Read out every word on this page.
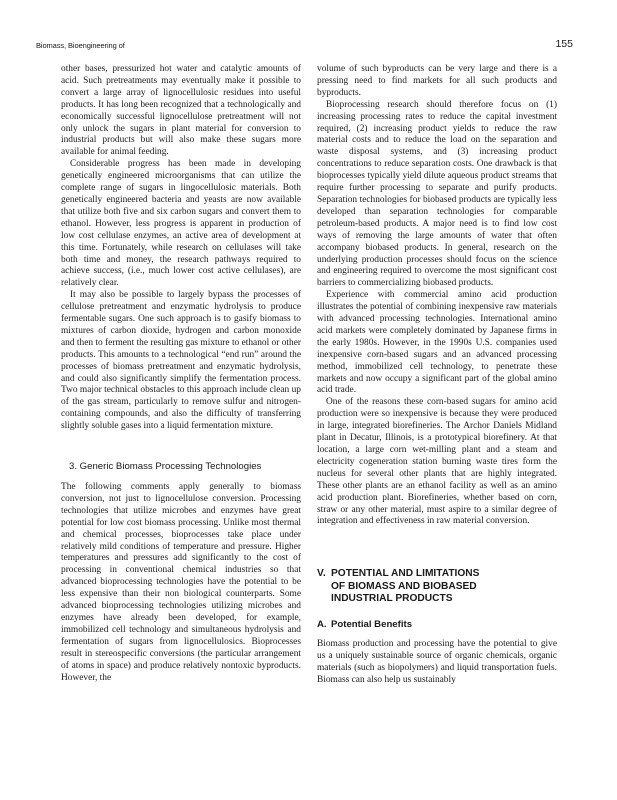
Biomass, Bioengineering of	155

other bases, pressurized hot water and catalytic amounts of acid. Such pretreatments may eventually make it possible to convert a large array of lignocellulosic residues into useful products. It has long been recognized that a technologically and economically successful lignocellulose pretreatment will not only unlock the sugars in plant material for conversion to industrial products but will also make these sugars more available for animal feeding.

Considerable progress has been made in developing genetically engineered microorganisms that can utilize the complete range of sugars in lingocellulosic materials. Both genetically engineered bacteria and yeasts are now available that utilize both five and six carbon sugars and convert them to ethanol. However, less progress is apparent in production of low cost cellulase enzymes, an active area of development at this time. Fortunately, while research on cellulases will take both time and money, the research pathways required to achieve success, (i.e., much lower cost active cellulases), are relatively clear.

It may also be possible to largely bypass the processes of cellulose pretreatment and enzymatic hydrolysis to produce fermentable sugars. One such approach is to gasify biomass to mixtures of carbon dioxide, hydrogen and carbon monoxide and then to ferment the resulting gas mixture to ethanol or other products. This amounts to a technological “end run” around the processes of biomass pretreatment and enzymatic hydrolysis, and could also significantly simplify the fermentation process. Two major technical obstacles to this approach include clean up of the gas stream, particularly to remove sulfur and nitrogen-containing compounds, and also the difficulty of transferring slightly soluble gases into a liquid fermentation mixture.

3. Generic Biomass Processing Technologies

The following comments apply generally to biomass conversion, not just to lignocellulose conversion. Processing technologies that utilize microbes and enzymes have great potential for low cost biomass processing. Unlike most thermal and chemical processes, bioprocesses take place under relatively mild conditions of temperature and pressure. Higher temperatures and pressures add significantly to the cost of processing in conventional chemical industries so that advanced bioprocessing technologies have the potential to be less expensive than their non biological counterparts. Some advanced bioprocessing technologies utilizing microbes and enzymes have already been developed, for example, immobilized cell technology and simultaneous hydrolysis and fermentation of sugars from lignocellulosics. Bioprocesses result in stereospecific conversions (the particular arrangement of atoms in space) and produce relatively nontoxic byproducts. However, the

volume of such byproducts can be very large and there is a pressing need to find markets for all such products and byproducts.

Bioprocessing research should therefore focus on (1) increasing processing rates to reduce the capital investment required, (2) increasing product yields to reduce the raw material costs and to reduce the load on the separation and waste disposal systems, and (3) increasing product concentrations to reduce separation costs. One drawback is that bioprocesses typically yield dilute aqueous product streams that require further processing to separate and purify products. Separation technologies for biobased products are typically less developed than separation technologies for comparable petroleum-based products. A major need is to find low cost ways of removing the large amounts of water that often accompany biobased products. In general, research on the underlying production processes should focus on the science and engineering required to overcome the most significant cost barriers to commercializing biobased products.

Experience with commercial amino acid production illustrates the potential of combining inexpensive raw materials with advanced processing technologies. International amino acid markets were completely dominated by Japanese firms in the early 1980s. However, in the 1990s U.S. companies used inexpensive corn-based sugars and an advanced processing method, immobilized cell technology, to penetrate these markets and now occupy a significant part of the global amino acid trade.

One of the reasons these corn-based sugars for amino acid production were so inexpensive is because they were produced in large, integrated biorefineries. The Archor Daniels Midland plant in Decatur, Illinois, is a prototypical biorefinery. At that location, a large corn wet-milling plant and a steam and electricity cogeneration station burning waste tires form the nucleus for several other plants that are highly integrated. These other plants are an ethanol facility as well as an amino acid production plant. Biorefineries, whether based on corn, straw or any other material, must aspire to a similar degree of integration and effectiveness in raw material conversion.

V. POTENTIAL AND LIMITATIONS
OF BIOMASS AND BIOBASED
INDUSTRIAL PRODUCTS
A. Potential Benefits

Biomass production and processing have the potential to give us a uniquely sustainable source of organic chemicals, organic materials (such as biopolymers) and liquid transportation fuels. Biomass can also help us sustainably
